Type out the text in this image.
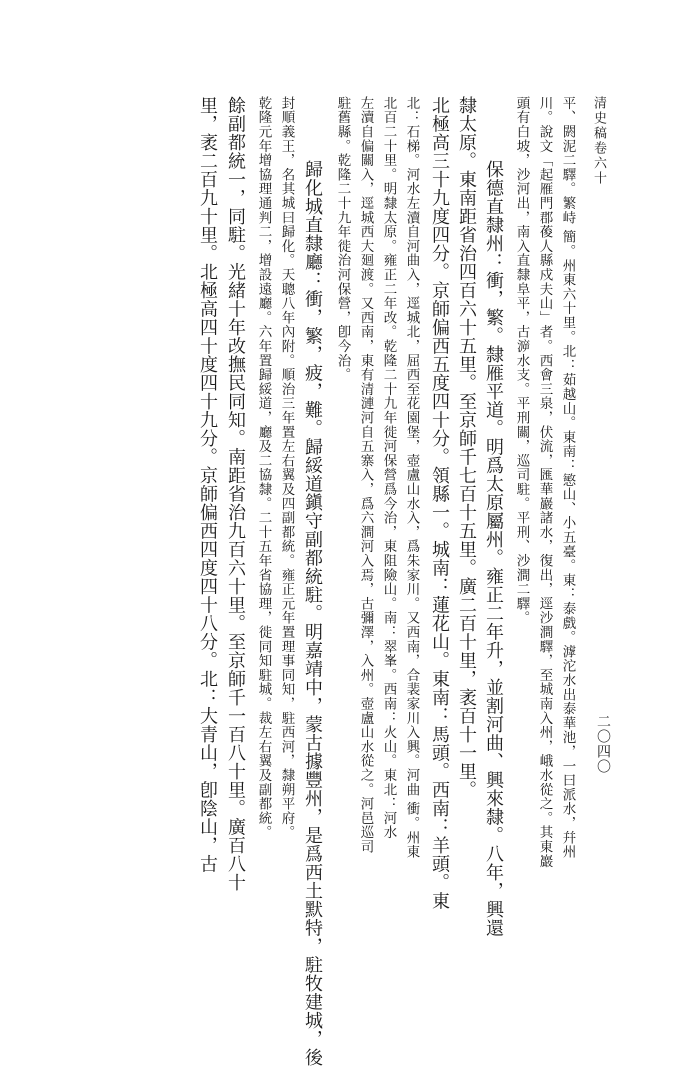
清史稿卷六十
二〇四〇
平、閼泥二驛。繁峙 簡。州東六十里。北：茹越山。東南：慜山、小五臺。東：泰戲。滹沱水出泰華池，一曰派水，幷州
川。說文「起雁門郡葰人縣戍夫山」者。西會三泉，伏流，匯華巖諸水，復出，逕沙澗驛，至城南入州，峨水從之。其東巖
頭有白坡，沙河出，南入直隸阜平，古㴑水支。平刑關，巡司駐。平刑、沙澗二驛。
保德直隸州：衝，繁。隸雁平道。明爲太原屬州。雍正二年升，並割河曲、興來隸。八年，興還
隸太原。東南距省治四百六十五里。至京師千七百十五里。廣二百十里，袤百十一里。
北極高三十九度四分。京師偏西五度四十分。領縣一。城南：蓮花山。東南：馬頭。西南：羊頭。東
北：石梯。河水左瀆自河曲入，逕城北，屈西至花園堡，壺盧山水入，爲朱家川。又西南，合裴家川入興。河曲 衝。州東
北百二十里。明隸太原。雍正二年改。乾隆二十九年徙河保營爲今治，東阻險山。南：翠峯。西南：火山。東北：河水
左瀆自偏關入，逕城西大廻渡。又西南，東有清漣河自五寨入，爲六澗河入焉，古彌澤，入州。壺盧山水從之。河邑巡司
駐舊縣。乾隆二十九年徙治河保營，卽今治。
歸化城直隸廳：衝，繁，疲，難。歸綏道鎭守副都統駐。明嘉靖中，蒙古據豐州，是爲西土默特，駐牧建城，後
封順義王，名其城曰歸化。天聰八年內附。順治三年置左右翼及四副都統。雍正元年置理事同知，駐西河，隸朔平府。
乾隆元年增協理通判二，增設遠廳。六年置歸綏道，廳及二協隸。二十五年省協理，徙同知駐城。裁左右翼及副都統。
餘副都統一，同駐。光緒十年改撫民同知。南距省治九百六十里。至京師千一百八十里。廣百八十
里，袤二百九十里。北極高四十度四十九分。京師偏西四度四十八分。北：大青山，卽陰山，古
